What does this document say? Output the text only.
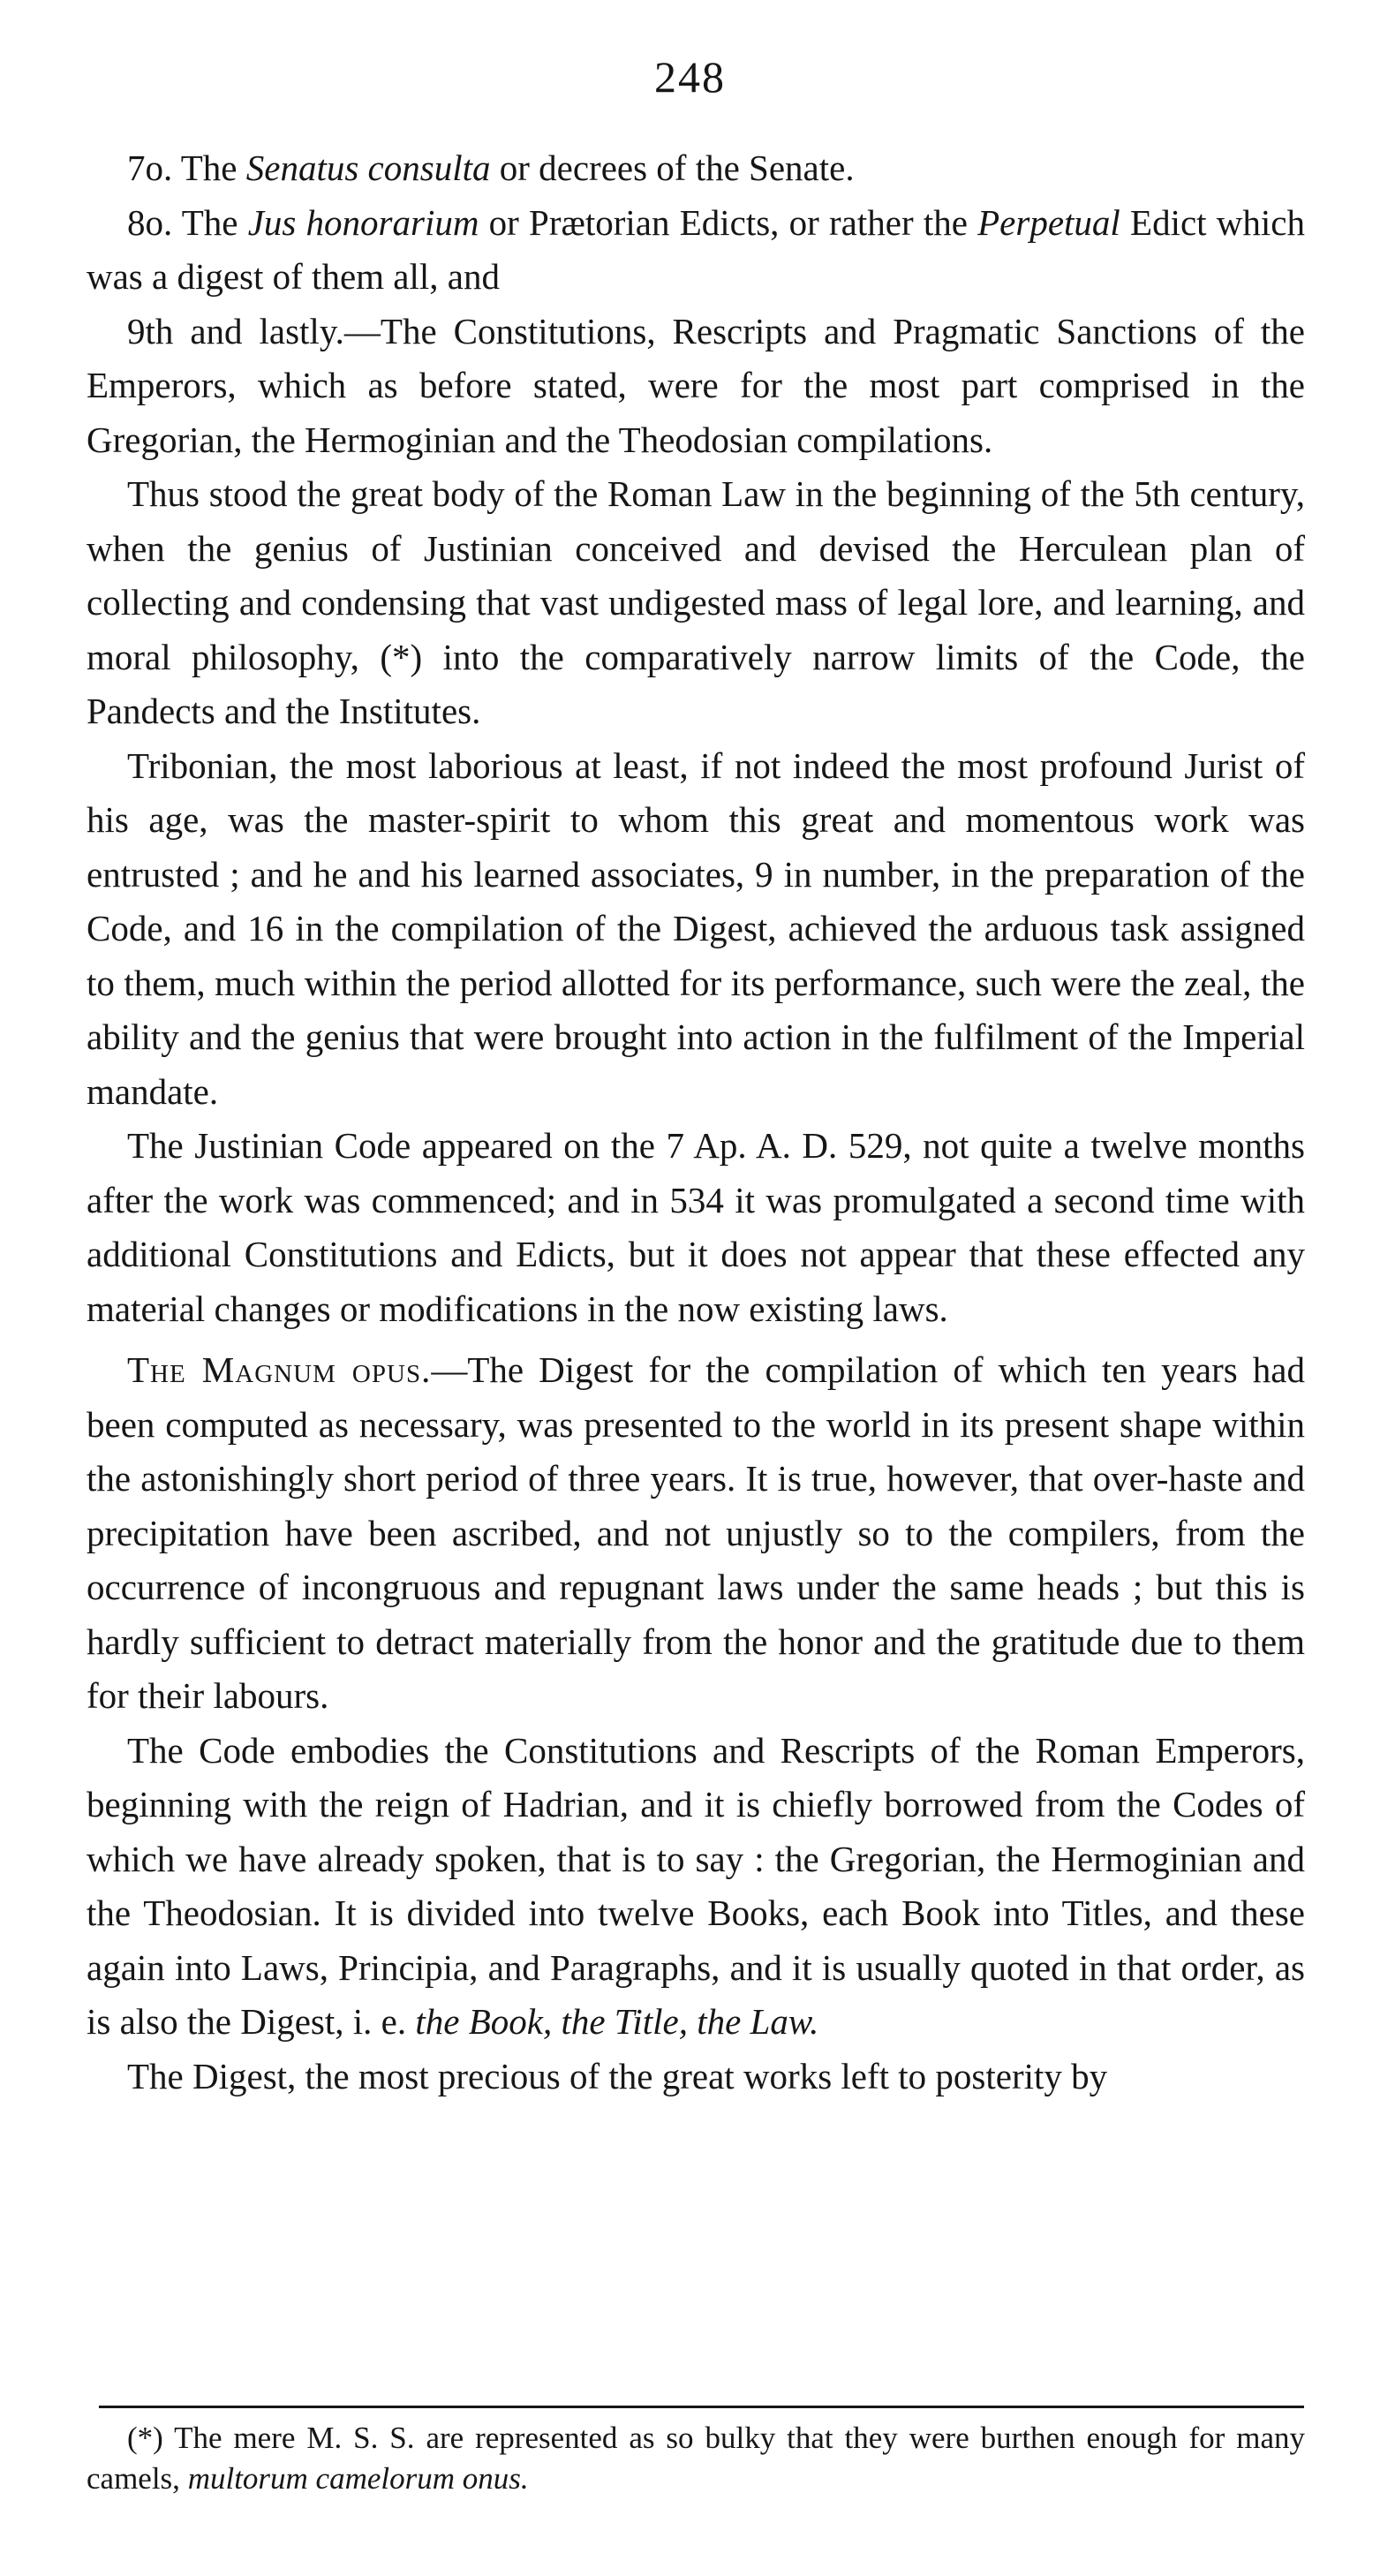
248

7o. The Senatus consulta or decrees of the Senate.

8o. The Jus honorarium or Prætorian Edicts, or rather the Perpetual Edict which was a digest of them all, and

9th and lastly.—The Constitutions, Rescripts and Pragmatic Sanctions of the Emperors, which as before stated, were for the most part comprised in the Gregorian, the Hermoginian and the Theodosian compilations.

Thus stood the great body of the Roman Law in the beginning of the 5th century, when the genius of Justinian conceived and devised the Herculean plan of collecting and condensing that vast undigested mass of legal lore, and learning, and moral philosophy, (*) into the comparatively narrow limits of the Code, the Pandects and the Institutes.

Tribonian, the most laborious at least, if not indeed the most profound Jurist of his age, was the master-spirit to whom this great and momentous work was entrusted ; and he and his learned associates, 9 in number, in the preparation of the Code, and 16 in the compilation of the Digest, achieved the arduous task assigned to them, much within the period allotted for its performance, such were the zeal, the ability and the genius that were brought into action in the fulfilment of the Imperial mandate.

The Justinian Code appeared on the 7 Ap. A. D. 529, not quite a twelve months after the work was commenced; and in 534 it was promulgated a second time with additional Constitutions and Edicts, but it does not appear that these effected any material changes or modifications in the now existing laws.

The Magnum opus.—The Digest for the compilation of which ten years had been computed as necessary, was presented to the world in its present shape within the astonishingly short period of three years. It is true, however, that over-haste and precipitation have been ascribed, and not unjustly so to the compilers, from the occurrence of incongruous and repugnant laws under the same heads ; but this is hardly sufficient to detract materially from the honor and the gratitude due to them for their labours.

The Code embodies the Constitutions and Rescripts of the Roman Emperors, beginning with the reign of Hadrian, and it is chiefly borrowed from the Codes of which we have already spoken, that is to say : the Gregorian, the Hermoginian and the Theodosian. It is divided into twelve Books, each Book into Titles, and these again into Laws, Principia, and Paragraphs, and it is usually quoted in that order, as is also the Digest, i. e. the Book, the Title, the Law.

The Digest, the most precious of the great works left to posterity by

(*) The mere M. S. S. are represented as so bulky that they were burthen enough for many camels, multorum camelorum onus.
